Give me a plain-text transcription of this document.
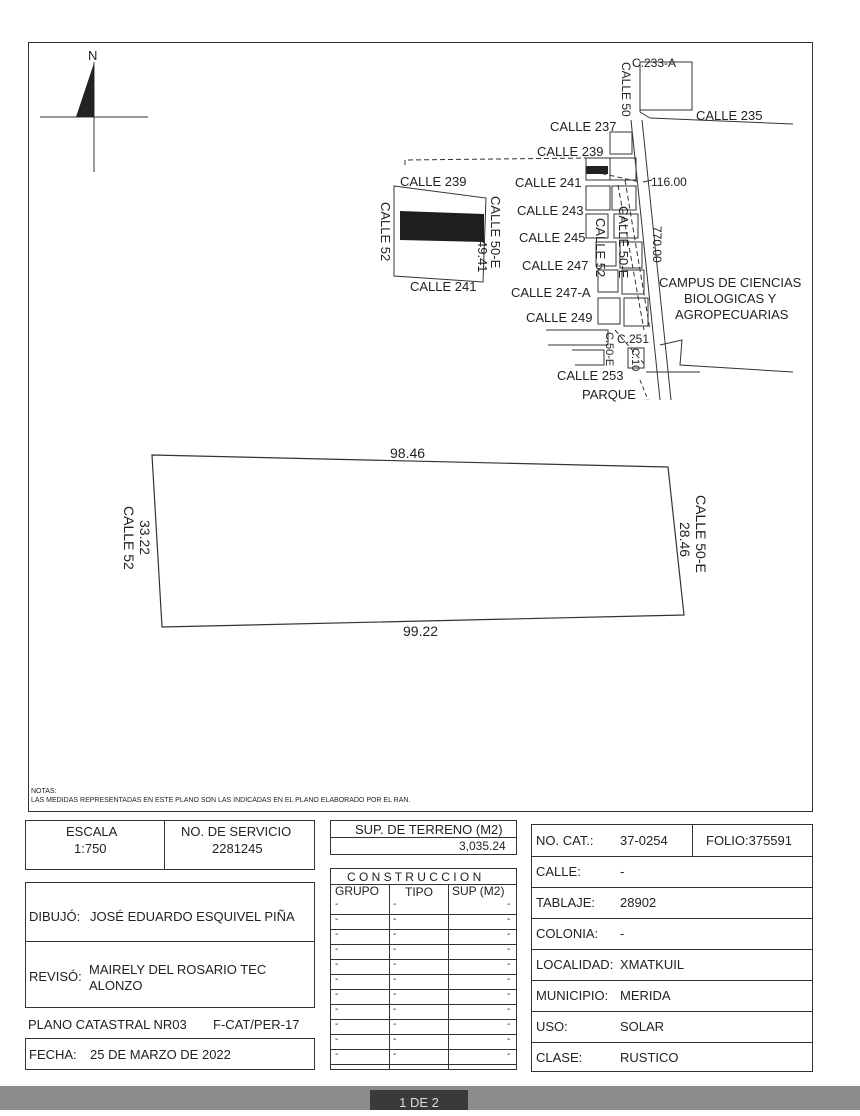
N	C.233-A
CALLE 50	CALLE 235
CALLE 237
CALLE 239
CALLE 241
CALLE 243
CALLE 245
CALLE 247
CALLE 247-A
CALLE 249
C.251
C.50-E C.10
CALLE 253
PARQUE
CALLE 52 CALLE 50-E
116.00
770.00
CAMPUS DE CIENCIAS
BIOLOGICAS Y
AGROPECUARIAS
CALLE 239
CALLE 241
CALLE 52	CALLE 50-E
49.41
98.46
99.22
33.22
CALLE 52	28.46 CALLE 50-E
NOTAS:
LAS MEDIDAS REPRESENTADAS EN ESTE PLANO SON LAS INDICADAS EN EL PLANO ELABORADO POR EL RAN.
ESCALA
1:750
NO. DE SERVICIO
2281245
SUP. DE TERRENO (M2)
3,035.24
C O N S T R U C C I O N
GRUPO TIPO SUP (M2)
-	-	-
-	-	-
-	-	-
-	-	-
-	-	-
-	-	-
-	-	-
-	-	-
-	-	-
-	-	-
-	-	-
DIBUJÓ: JOSÉ EDUARDO ESQUIVEL PIÑA
REVISÓ: MAIRELY DEL ROSARIO TEC
ALONZO
PLANO CATASTRAL NR03 F-CAT/PER-17
FECHA: 25 DE MARZO DE 2022
NO. CAT.: 37-0254	FOLIO:375591
CALLE:	-
TABLAJE: 28902
COLONIA: -
LOCALIDAD: XMATKUIL
MUNICIPIO: MERIDA
USO:	SOLAR
CLASE:	RUSTICO
1 DE 2
